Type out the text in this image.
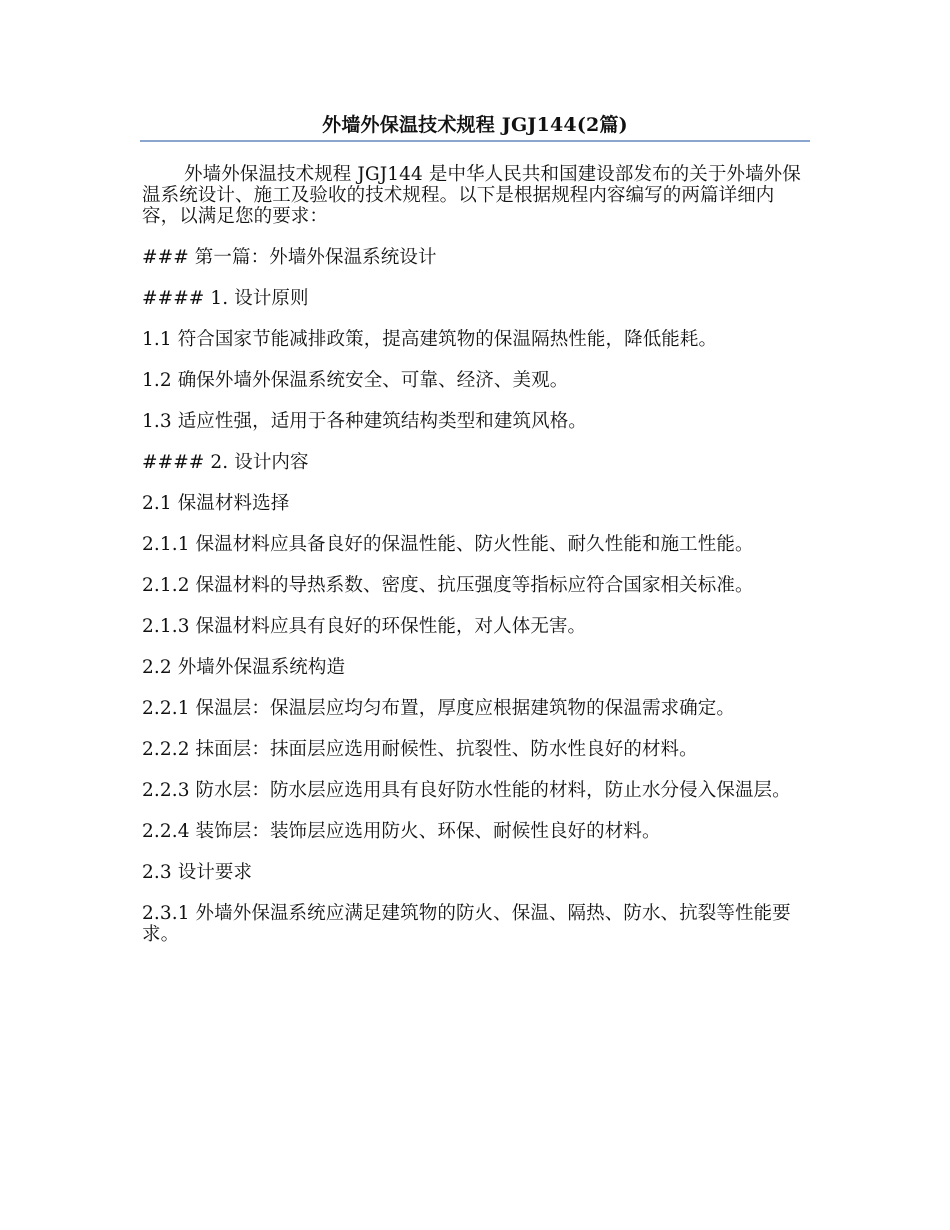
外墙外保温技术规程 JGJ144(2篇)

外墙外保温技术规程 JGJ144 是中华人民共和国建设部发布的关于外墙外保温系统设计、施工及验收的技术规程。以下是根据规程内容编写的两篇详细内容，以满足您的要求：

### 第一篇：外墙外保温系统设计

#### 1. 设计原则

1.1 符合国家节能减排政策，提高建筑物的保温隔热性能，降低能耗。

1.2 确保外墙外保温系统安全、可靠、经济、美观。

1.3 适应性强，适用于各种建筑结构类型和建筑风格。

#### 2. 设计内容

2.1 保温材料选择

2.1.1 保温材料应具备良好的保温性能、防火性能、耐久性能和施工性能。

2.1.2 保温材料的导热系数、密度、抗压强度等指标应符合国家相关标准。

2.1.3 保温材料应具有良好的环保性能，对人体无害。

2.2 外墙外保温系统构造

2.2.1 保温层：保温层应均匀布置，厚度应根据建筑物的保温需求确定。

2.2.2 抹面层：抹面层应选用耐候性、抗裂性、防水性良好的材料。

2.2.3 防水层：防水层应选用具有良好防水性能的材料，防止水分侵入保温层。

2.2.4 装饰层：装饰层应选用防火、环保、耐候性良好的材料。

2.3 设计要求

2.3.1 外墙外保温系统应满足建筑物的防火、保温、隔热、防水、抗裂等性能要求。
